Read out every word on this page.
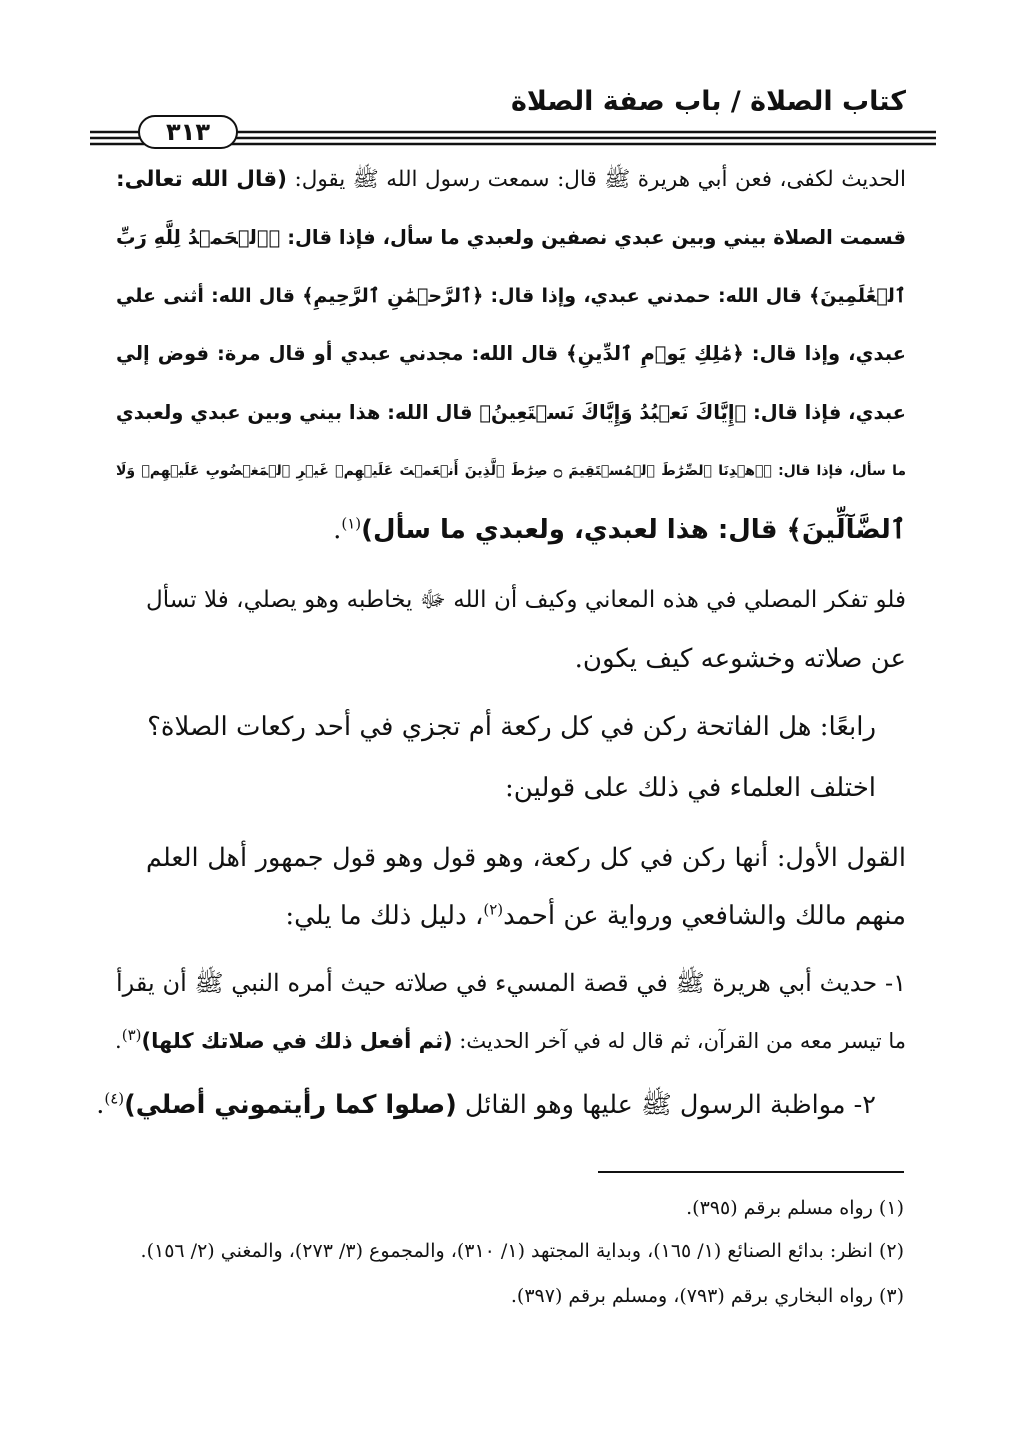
كتاب الصلاة / باب صفة الصلاة
٣١٣
الحديث لكفى، فعن أبي هريرة ﷺ قال: سمعت رسول الله ﷺ يقول: (قال الله تعالى:
قسمت الصلاة بيني وبين عبدي نصفين ولعبدي ما سأل، فإذا قال: ﴿ٱلۡحَمۡدُ لِلَّهِ رَبِّ
ٱلۡعَٰلَمِينَ﴾ قال الله: حمدني عبدي، وإذا قال: ﴿ٱلرَّحۡمَٰنِ ٱلرَّحِيمِ﴾ قال الله: أثنى علي
عبدي، وإذا قال: ﴿مَٰلِكِ يَوۡمِ ٱلدِّينِ﴾ قال الله: مجدني عبدي أو قال مرة: فوض إلي
عبدي، فإذا قال: ﴿إِيَّاكَ نَعۡبُدُ وَإِيَّاكَ نَسۡتَعِينُ﴾ قال الله: هذا بيني وبين عبدي ولعبدي
ما سأل، فإذا قال: ﴿ٱهۡدِنَا ٱلصِّرَٰطَ ٱلۡمُسۡتَقِيمَ ۝ صِرَٰطَ ٱلَّذِينَ أَنۡعَمۡتَ عَلَيۡهِمۡ غَيۡرِ ٱلۡمَغۡضُوبِ عَلَيۡهِمۡ وَلَا
ٱلضَّآلِّينَ﴾ قال: هذا لعبدي، ولعبدي ما سأل)$^{(١)}$.
فلو تفكر المصلي في هذه المعاني وكيف أن الله ﷻ يخاطبه وهو يصلي، فلا تسأل
عن صلاته وخشوعه كيف يكون.
رابعًا: هل الفاتحة ركن في كل ركعة أم تجزي في أحد ركعات الصلاة؟
اختلف العلماء في ذلك على قولين:
القول الأول: أنها ركن في كل ركعة، وهو قول وهو قول جمهور أهل العلم
منهم مالك والشافعي ورواية عن أحمد$^{(٢)}$، دليل ذلك ما يلي:
١- حديث أبي هريرة ﷺ في قصة المسيء في صلاته حيث أمره النبي ﷺ أن يقرأ
ما تيسر معه من القرآن، ثم قال له في آخر الحديث: (ثم أفعل ذلك في صلاتك كلها)$^{(٣)}$.
٢- مواظبة الرسول ﷺ عليها وهو القائل (صلوا كما رأيتموني أصلي)$^{(٤)}$.
(١) رواه مسلم برقم (٣٩٥).
(٢) انظر: بدائع الصنائع (١/ ١٦٥)، وبداية المجتهد (١/ ٣١٠)، والمجموع (٣/ ٢٧٣)، والمغني (٢/ ١٥٦).
(٣) رواه البخاري برقم (٧٩٣)، ومسلم برقم (٣٩٧).
